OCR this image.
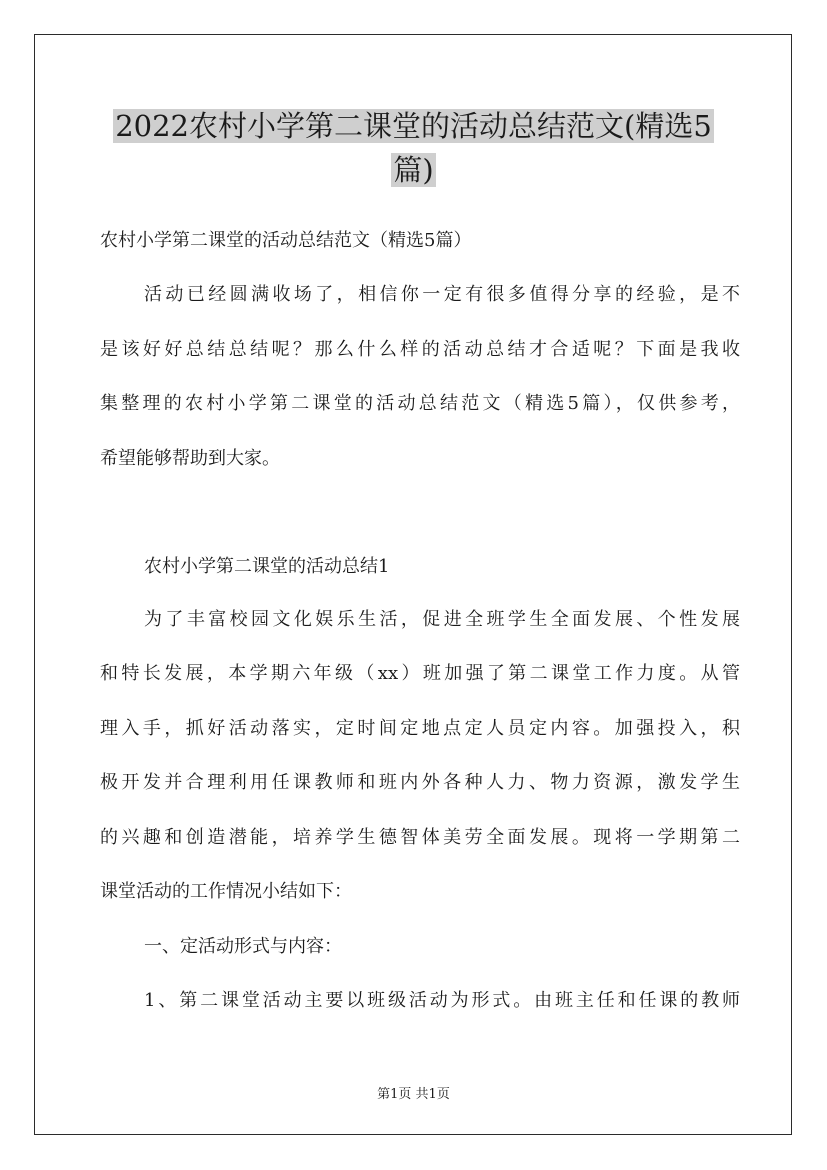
2022农村小学第二课堂的活动总结范文(精选5
篇)
农村小学第二课堂的活动总结范文（精选5篇）
活动已经圆满收场了，相信你一定有很多值得分享的经验，是不
是该好好总结总结呢？那么什么样的活动总结才合适呢？下面是我收
集整理的农村小学第二课堂的活动总结范文（精选5篇），仅供参考，
希望能够帮助到大家。
农村小学第二课堂的活动总结1
为了丰富校园文化娱乐生活，促进全班学生全面发展、个性发展
和特长发展，本学期六年级（xx）班加强了第二课堂工作力度。从管
理入手，抓好活动落实，定时间定地点定人员定内容。加强投入，积
极开发并合理利用任课教师和班内外各种人力、物力资源，激发学生
的兴趣和创造潜能，培养学生德智体美劳全面发展。现将一学期第二
课堂活动的工作情况小结如下：
一、定活动形式与内容：
1、第二课堂活动主要以班级活动为形式。由班主任和任课的教师
第1页 共1页
